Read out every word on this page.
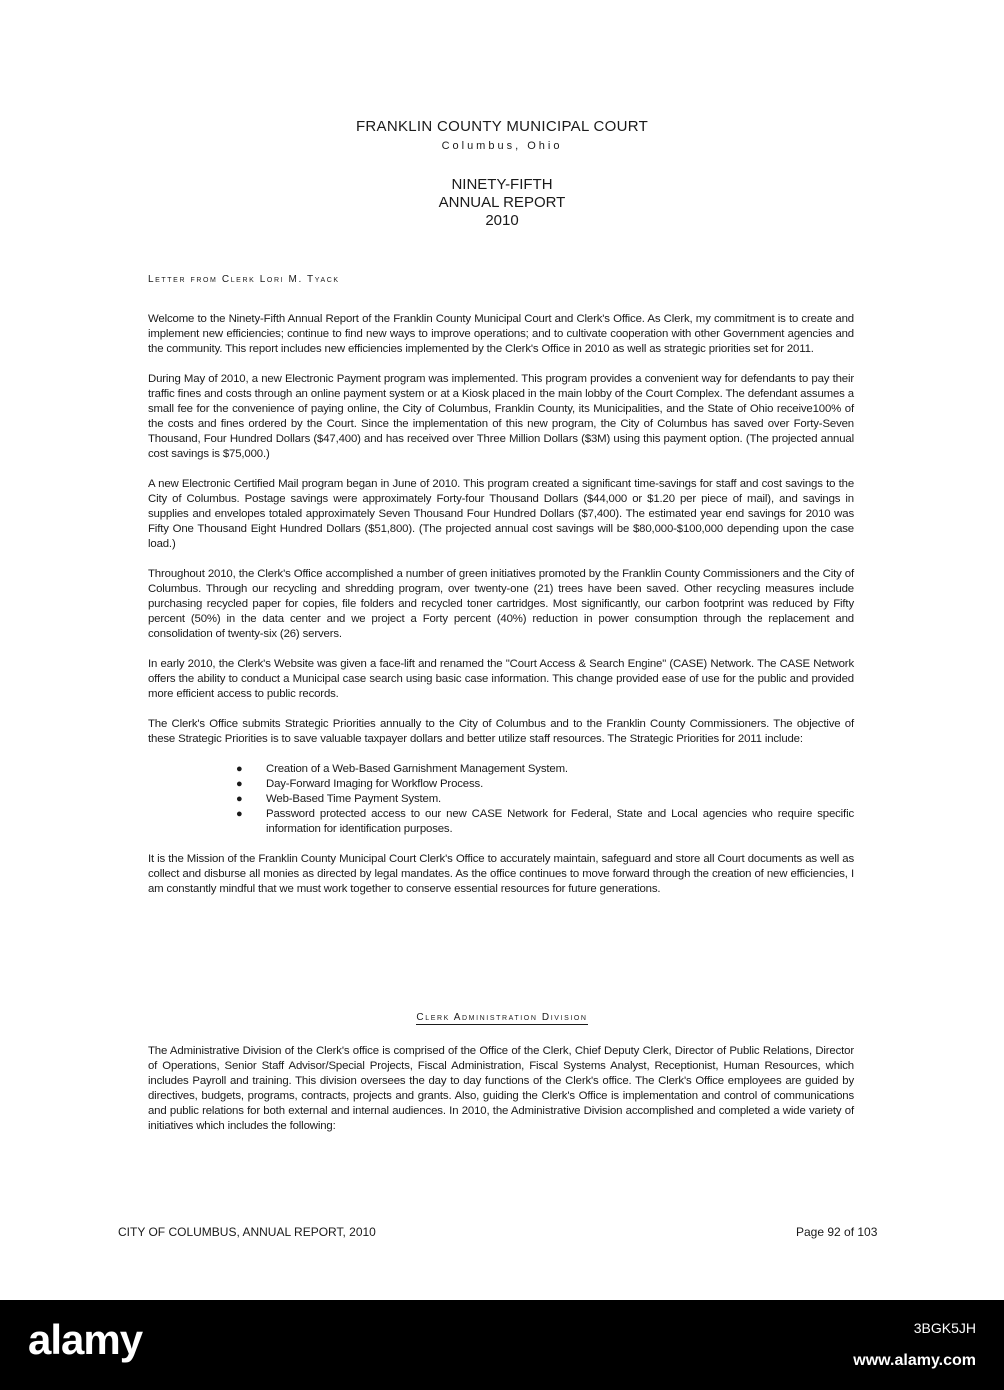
FRANKLIN COUNTY MUNICIPAL COURT
Columbus, Ohio
NINETY-FIFTH
ANNUAL REPORT
2010
Letter from Clerk Lori M. Tyack

Welcome to the Ninety-Fifth Annual Report of the Franklin County Municipal Court and Clerk's Office. As Clerk, my commitment is to create and implement new efficiencies; continue to find new ways to improve operations; and to cultivate cooperation with other Government agencies and the community. This report includes new efficiencies implemented by the Clerk's Office in 2010 as well as strategic priorities set for 2011.

During May of 2010, a new Electronic Payment program was implemented. This program provides a convenient way for defendants to pay their traffic fines and costs through an online payment system or at a Kiosk placed in the main lobby of the Court Complex. The defendant assumes a small fee for the convenience of paying online, the City of Columbus, Franklin County, its Municipalities, and the State of Ohio receive100% of the costs and fines ordered by the Court. Since the implementation of this new program, the City of Columbus has saved over Forty-Seven Thousand, Four Hundred Dollars ($47,400) and has received over Three Million Dollars ($3M) using this payment option. (The projected annual cost savings is $75,000.)

A new Electronic Certified Mail program began in June of 2010. This program created a significant time-savings for staff and cost savings to the City of Columbus. Postage savings were approximately Forty-four Thousand Dollars ($44,000 or $1.20 per piece of mail), and savings in supplies and envelopes totaled approximately Seven Thousand Four Hundred Dollars ($7,400). The estimated year end savings for 2010 was Fifty One Thousand Eight Hundred Dollars ($51,800). (The projected annual cost savings will be $80,000-$100,000 depending upon the case load.)

Throughout 2010, the Clerk's Office accomplished a number of green initiatives promoted by the Franklin County Commissioners and the City of Columbus. Through our recycling and shredding program, over twenty-one (21) trees have been saved. Other recycling measures include purchasing recycled paper for copies, file folders and recycled toner cartridges. Most significantly, our carbon footprint was reduced by Fifty percent (50%) in the data center and we project a Forty percent (40%) reduction in power consumption through the replacement and consolidation of twenty-six (26) servers.

In early 2010, the Clerk's Website was given a face-lift and renamed the "Court Access & Search Engine" (CASE) Network. The CASE Network offers the ability to conduct a Municipal case search using basic case information. This change provided ease of use for the public and provided more efficient access to public records.

The Clerk's Office submits Strategic Priorities annually to the City of Columbus and to the Franklin County Commissioners. The objective of these Strategic Priorities is to save valuable taxpayer dollars and better utilize staff resources. The Strategic Priorities for 2011 include:

● Creation of a Web-Based Garnishment Management System.
● Day-Forward Imaging for Workflow Process.
● Web-Based Time Payment System.
● Password protected access to our new CASE Network for Federal, State and Local agencies who require specific information for identification purposes.

It is the Mission of the Franklin County Municipal Court Clerk's Office to accurately maintain, safeguard and store all Court documents as well as collect and disburse all monies as directed by legal mandates. As the office continues to move forward through the creation of new efficiencies, I am constantly mindful that we must work together to conserve essential resources for future generations.

Clerk Administration Division
The Administrative Division of the Clerk's office is comprised of the Office of the Clerk, Chief Deputy Clerk, Director of Public Relations, Director of Operations, Senior Staff Advisor/Special Projects, Fiscal Administration, Fiscal Systems Analyst, Receptionist, Human Resources, which includes Payroll and training. This division oversees the day to day functions of the Clerk's office. The Clerk's Office employees are guided by directives, budgets, programs, contracts, projects and grants. Also, guiding the Clerk's Office is implementation and control of communications and public relations for both external and internal audiences. In 2010, the Administrative Division accomplished and completed a wide variety of initiatives which includes the following:
CITY OF COLUMBUS, ANNUAL REPORT, 2010	Page 92 of 103
alamy	3BGK5JH
www.alamy.com
